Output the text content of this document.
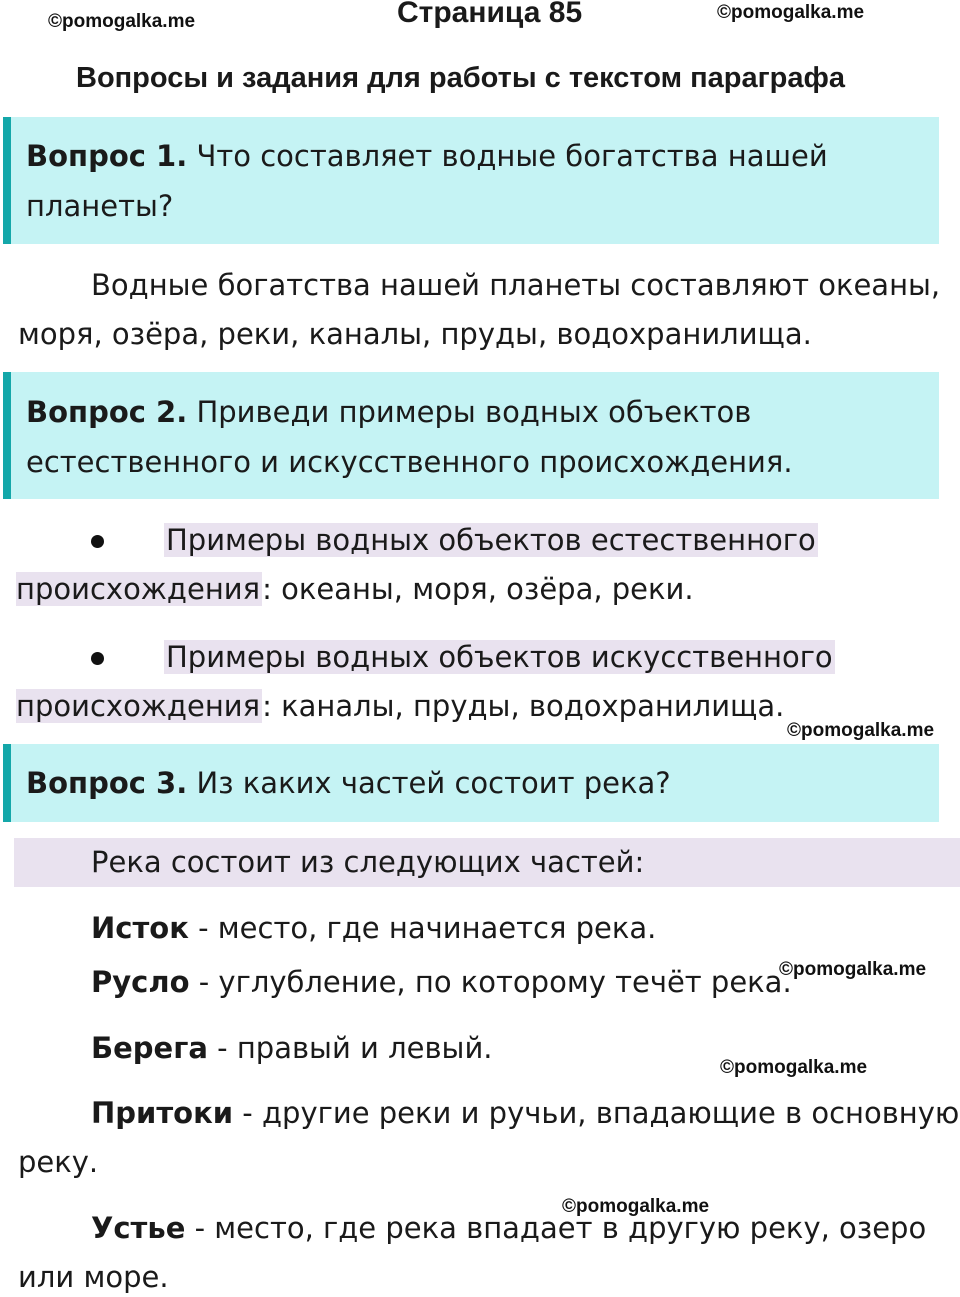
©pomogalka.me	Страница 85	©pomogalka.me
Вопросы и задания для работы с текстом параграфа
Вопрос 1. Что составляет водные богатства нашей
планеты?
Водные богатства нашей планеты составляют океаны,
моря, озёра, реки, каналы, пруды, водохранилища.
Вопрос 2. Приведи примеры водных объектов
естественного и искусственного происхождения.
Примеры водных объектов естественного
происхождения: океаны, моря, озёра, реки.
Примеры водных объектов искусственного
происхождения: каналы, пруды, водохранилища.
©pomogalka.me
Вопрос 3. Из каких частей состоит река?
Река состоит из следующих частей:
Исток - место, где начинается река.
Русло - углубление, по которому течёт река.
©pomogalka.me
Берега - правый и левый.
©pomogalka.me
Притоки - другие реки и ручьи, впадающие в основную
реку.
©pomogalka.me
Устье - место, где река впадает в другую реку, озеро
или море.
